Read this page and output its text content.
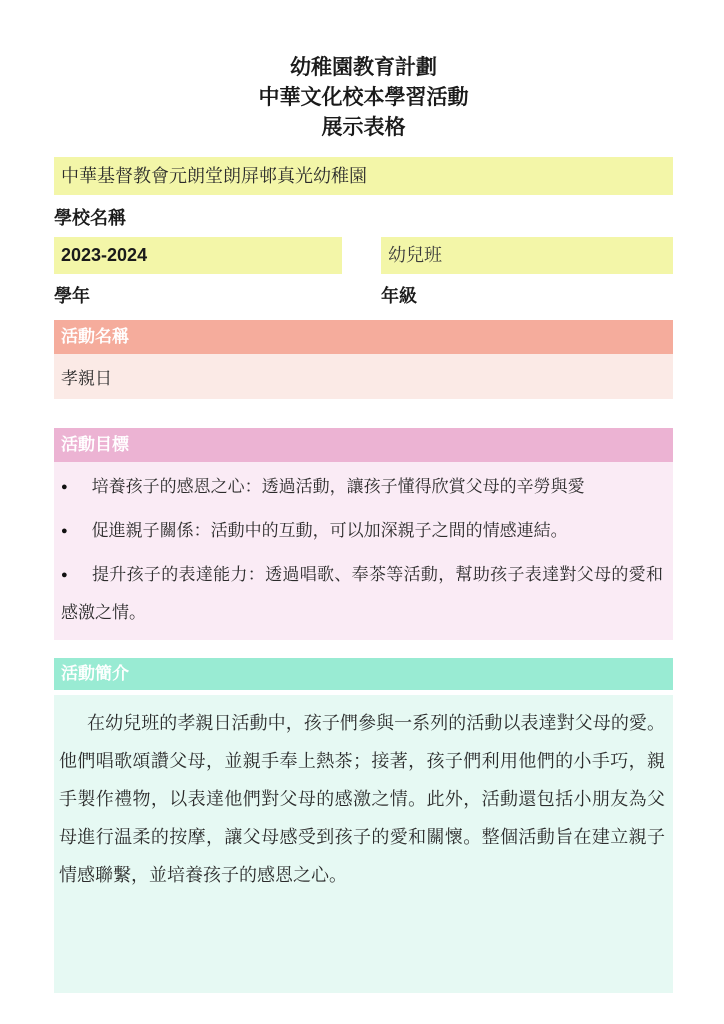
幼稚園教育計劃
中華文化校本學習活動
展示表格
中華基督教會元朗堂朗屏邨真光幼稚園
學校名稱
2023-2024
學年
幼兒班
年級
活動名稱
孝親日
活動目標
● 培養孩子的感恩之心：透過活動，讓孩子懂得欣賞父母的辛勞與愛
● 促進親子關係：活動中的互動，可以加深親子之間的情感連結。
● 提升孩子的表達能力：透過唱歌、奉茶等活動，幫助孩子表達對父母的愛和感激之情。
活動簡介
在幼兒班的孝親日活動中，孩子們參與一系列的活動以表達對父母的愛。他們唱歌頌讚父母，並親手奉上熱茶；接著，孩子們利用他們的小手巧，親手製作禮物，以表達他們對父母的感激之情。此外，活動還包括小朋友為父母進行温柔的按摩，讓父母感受到孩子的愛和關懷。整個活動旨在建立親子情感聯繫，並培養孩子的感恩之心。
